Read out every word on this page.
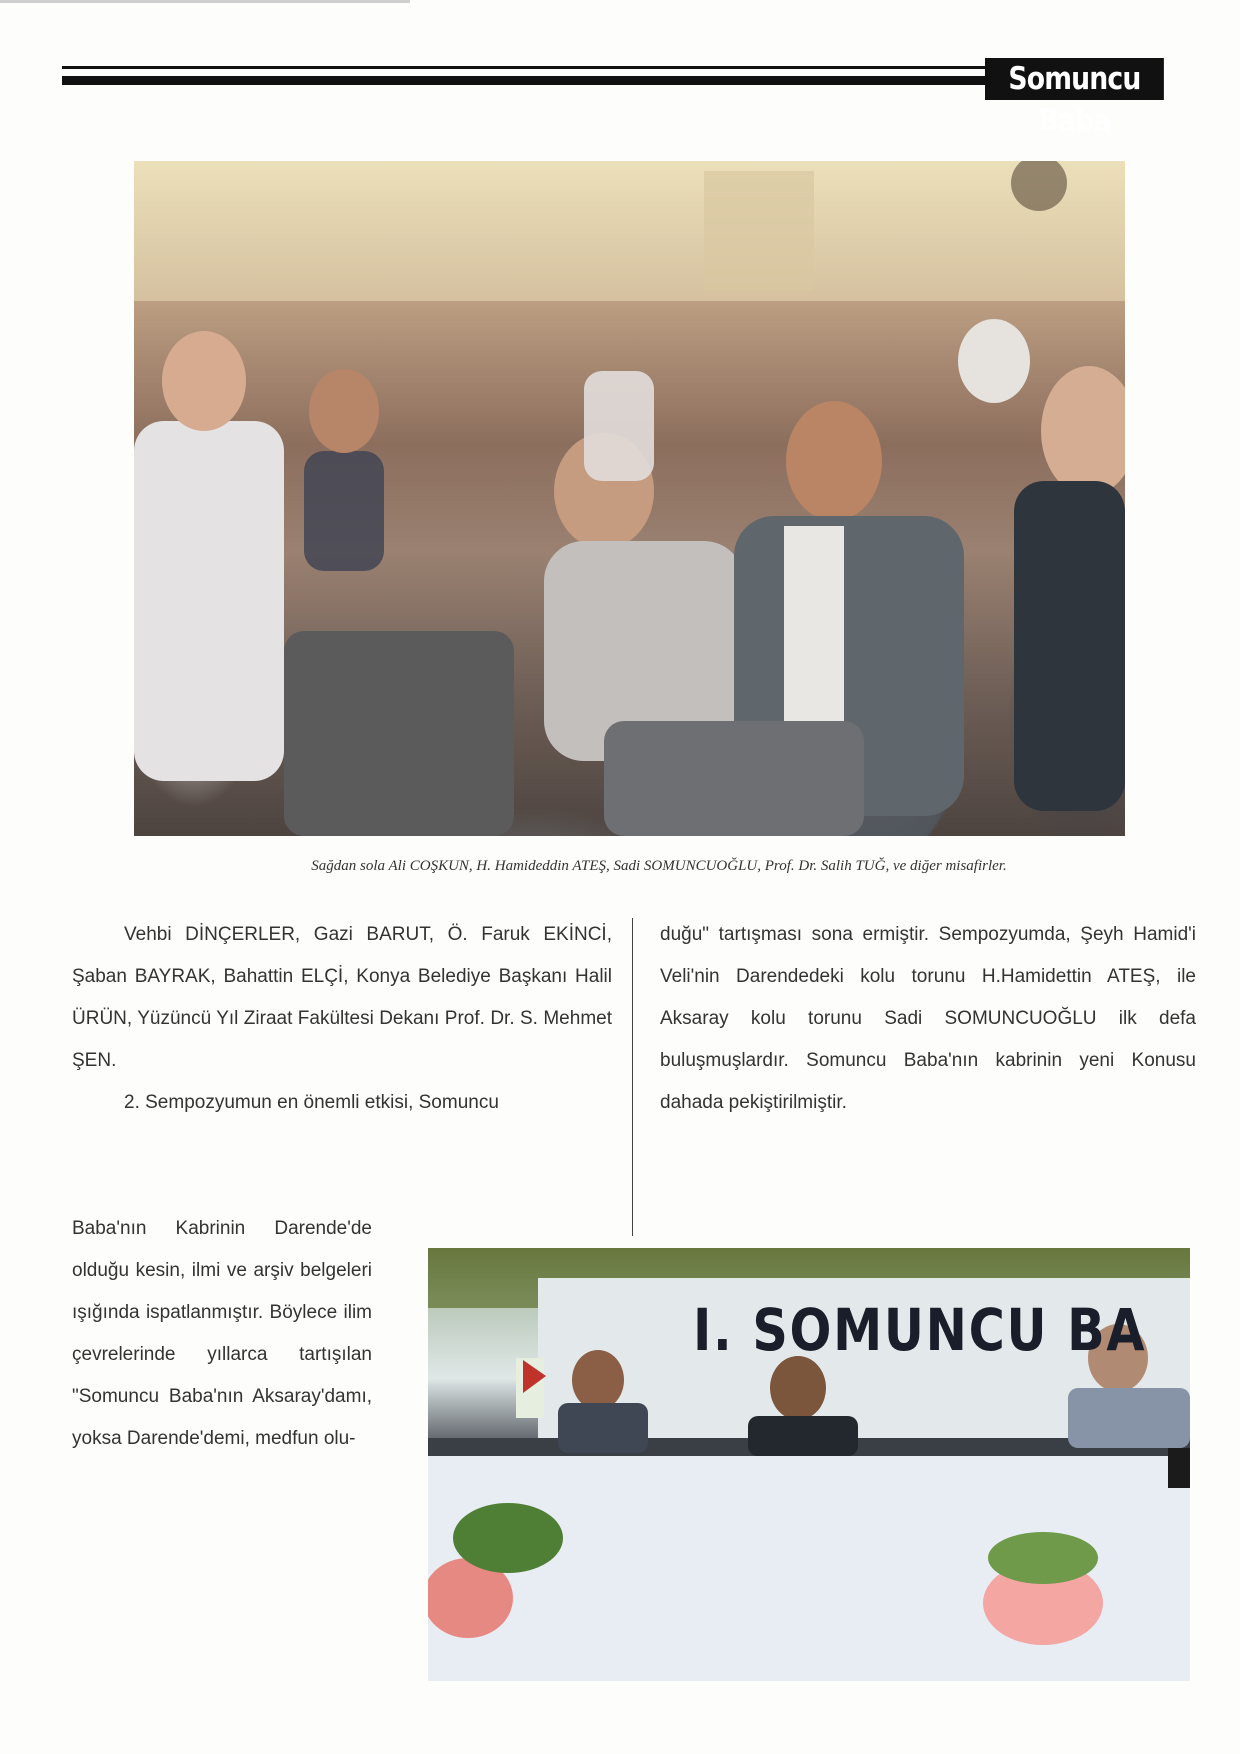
Somuncu Baba
Sağdan sola Ali COŞKUN, H. Hamideddin ATEŞ, Sadi SOMUNCUOĞLU, Prof. Dr. Salih TUĞ, ve diğer misafirler.

Vehbi DİNÇERLER, Gazi BARUT, Ö. Faruk EKİNCİ, Şaban BAYRAK, Bahattin ELÇİ, Konya Belediye Başkanı Halil ÜRÜN, Yüzüncü Yıl Ziraat Fakültesi Dekanı Prof. Dr. S. Mehmet ŞEN.

2. Sempozyumun en önemli etkisi, Somuncu

Baba'nın Kabrinin Darende'de olduğu kesin, ilmi ve arşiv belgeleri ışığında ispatlanmıştır. Böylece ilim çevrelerinde yıllarca tartışılan "Somuncu Baba'nın Aksaray'damı, yoksa Darende'demi, medfun olu-
duğu" tartışması sona ermiştir. Sempozyumda, Şeyh Hamid'i Veli'nin Darendedeki kolu torunu H.Hamidettin ATEŞ, ile Aksaray kolu torunu Sadi SOMUNCUOĞLU ilk defa buluşmuşlardır. Somuncu Baba'nın kabrinin yeni Konusu dahada pekiştirilmiştir.
I. SOMUNCU BA
